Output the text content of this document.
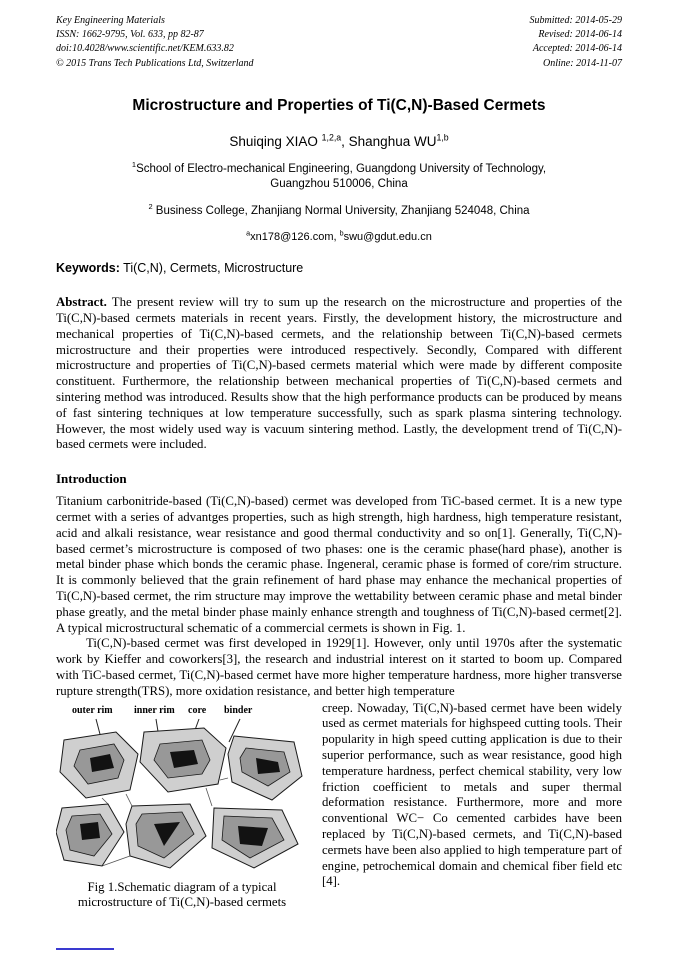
Key Engineering Materials
ISSN: 1662-9795, Vol. 633, pp 82-87
doi:10.4028/www.scientific.net/KEM.633.82
© 2015 Trans Tech Publications Ltd, Switzerland
Submitted: 2014-05-29
Revised: 2014-06-14
Accepted: 2014-06-14
Online: 2014-11-07
Microstructure and Properties of Ti(C,N)-Based Cermets
Shuiqing XIAO $^{1,2,a}$, Shanghua WU$^{1,b}$
$^1$School of Electro-mechanical Engineering, Guangdong University of Technology, Guangzhou 510006, China
$^2$ Business College, Zhanjiang Normal University, Zhanjiang 524048, China
$^a$xn178@126.com, $^b$swu@gdut.edu.cn
Keywords: Ti(C,N), Cermets, Microstructure

Abstract. The present review will try to sum up the research on the microstructure and properties of the Ti(C,N)-based cermets materials in recent years. Firstly, the development history, the microstructure and mechanical properties of Ti(C,N)-based cermets, and the relationship between Ti(C,N)-based cermets microstructure and their properties were introduced respectively. Secondly, Compared with different microstructure and properties of Ti(C,N)-based cermets material which were made by different composite constituent. Furthermore, the relationship between mechanical properties of Ti(C,N)-based cermets and sintering method was introduced. Results show that the high performance products can be produced by means of fast sintering techniques at low temperature successfully, such as spark plasma sintering technology. However, the most widely used way is vacuum sintering method. Lastly, the development trend of Ti(C,N)-based cermets were included.

Introduction

Titanium carbonitride-based (Ti(C,N)-based) cermet was developed from TiC-based cermet. It is a new type cermet with a series of advantges properties, such as high strength, high hardness, high temperature resistant, acid and alkali resistance, wear resistance and good thermal conductivity and so on[1]. Generally, Ti(C,N)-based cermet’s microstructure is composed of two phases: one is the ceramic phase(hard phase), another is metal binder phase which bonds the ceramic phase. Ingeneral, ceramic phase is formed of core/rim structure. It is commonly believed that the grain refinement of hard phase may enhance the mechanical properties of Ti(C,N)-based cermet, the rim structure may improve the wettability between ceramic phase and metal binder phase greatly, and the metal binder phase mainly enhance strength and toughness of Ti(C,N)-based cermet[2]. A typical microstructural schematic of a commercial cermets is shown in Fig. 1.

Ti(C,N)-based cermet was first developed in 1929[1]. However, only until 1970s after the systematic work by Kieffer and coworkers[3], the research and industrial interest on it started to boom up. Compared with TiC-based cermet, Ti(C,N)-based cermet have more higher temperature hardness, more higher transverse rupture strength(TRS), more oxidation resistance, and better high temperature

outer rim inner rim core binder
Fig 1.Schematic diagram of a typical microstructure of Ti(C,N)-based cermets

creep. Nowaday, Ti(C,N)-based cermet have been widely used as cermet materials for highspeed cutting tools. Their popularity in high speed cutting application is due to their superior performance, such as wear resistance, good high temperature hardness, perfect chemical stability, very low friction coefficient to metals and super thermal deformation resistance. Furthermore, more and more conventional WC− Co cemented carbides have been replaced by Ti(C,N)-based cermets, and Ti(C,N)-based cermets have been also applied to high temperature part of engine, petrochemical domain and chemical fiber field etc [4].
